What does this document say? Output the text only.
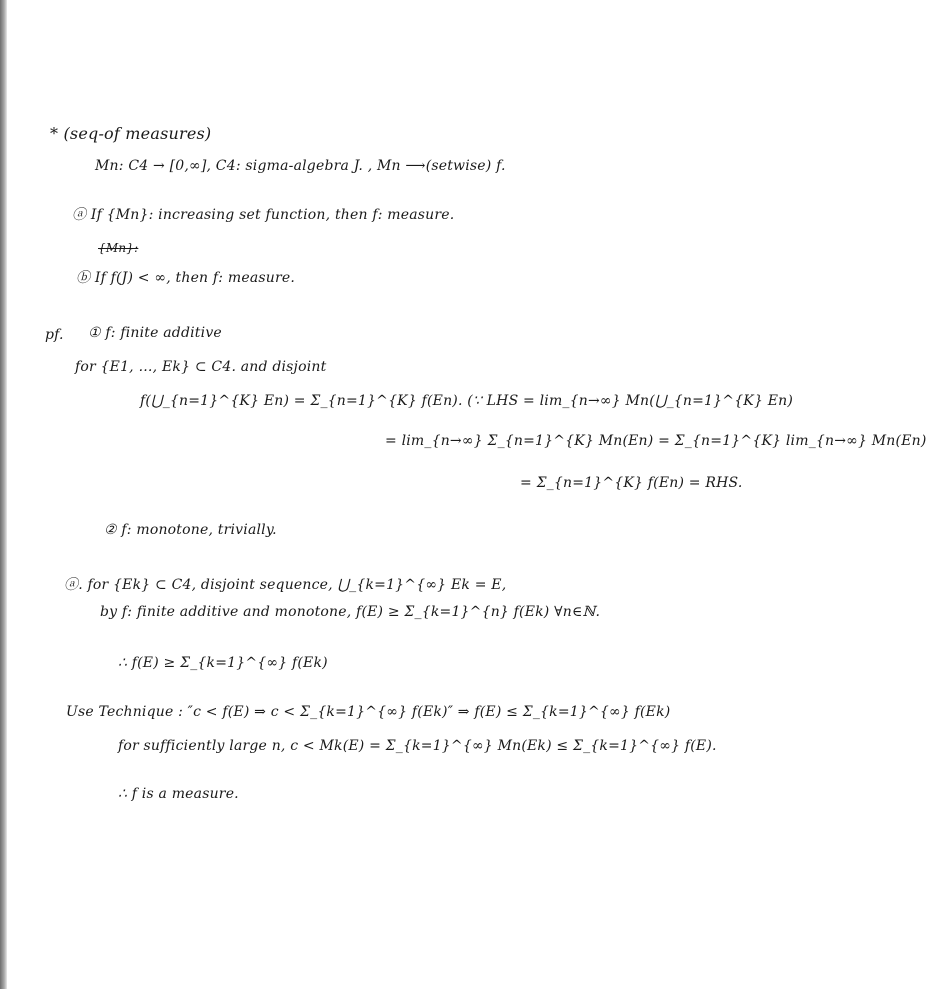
* (seq-of measures)
Mn: C4 → [0,∞], C4: sigma-algebra J. , Mn ⟶(setwise) f.
ⓐ If {Mn}: increasing set function, then f: measure.
{Mn}:
ⓑ If f(J) < ∞, then f: measure.
pf. ① f: finite additive
for {E1, …, Ek} ⊂ C4. and disjoint
f(⋃_{n=1}^{K} En) = Σ_{n=1}^{K} f(En). (∵ LHS = lim_{n→∞} Mn(⋃_{n=1}^{K} En)
= lim_{n→∞} Σ_{n=1}^{K} Mn(En) = Σ_{n=1}^{K} lim_{n→∞} Mn(En)
= Σ_{n=1}^{K} f(En) = RHS.
② f: monotone, trivially.
ⓐ. for {Ek} ⊂ C4, disjoint sequence, ⋃_{k=1}^{∞} Ek = E,
by f: finite additive and monotone, f(E) ≥ Σ_{k=1}^{n} f(Ek) ∀n∈ℕ.
∴ f(E) ≥ Σ_{k=1}^{∞} f(Ek)
Use Technique : ″c < f(E) ⇒ c < Σ_{k=1}^{∞} f(Ek)″ ⇒ f(E) ≤ Σ_{k=1}^{∞} f(Ek)
for sufficiently large n, c < Mk(E) = Σ_{k=1}^{∞} Mn(Ek) ≤ Σ_{k=1}^{∞} f(E).
∴ f is a measure.
